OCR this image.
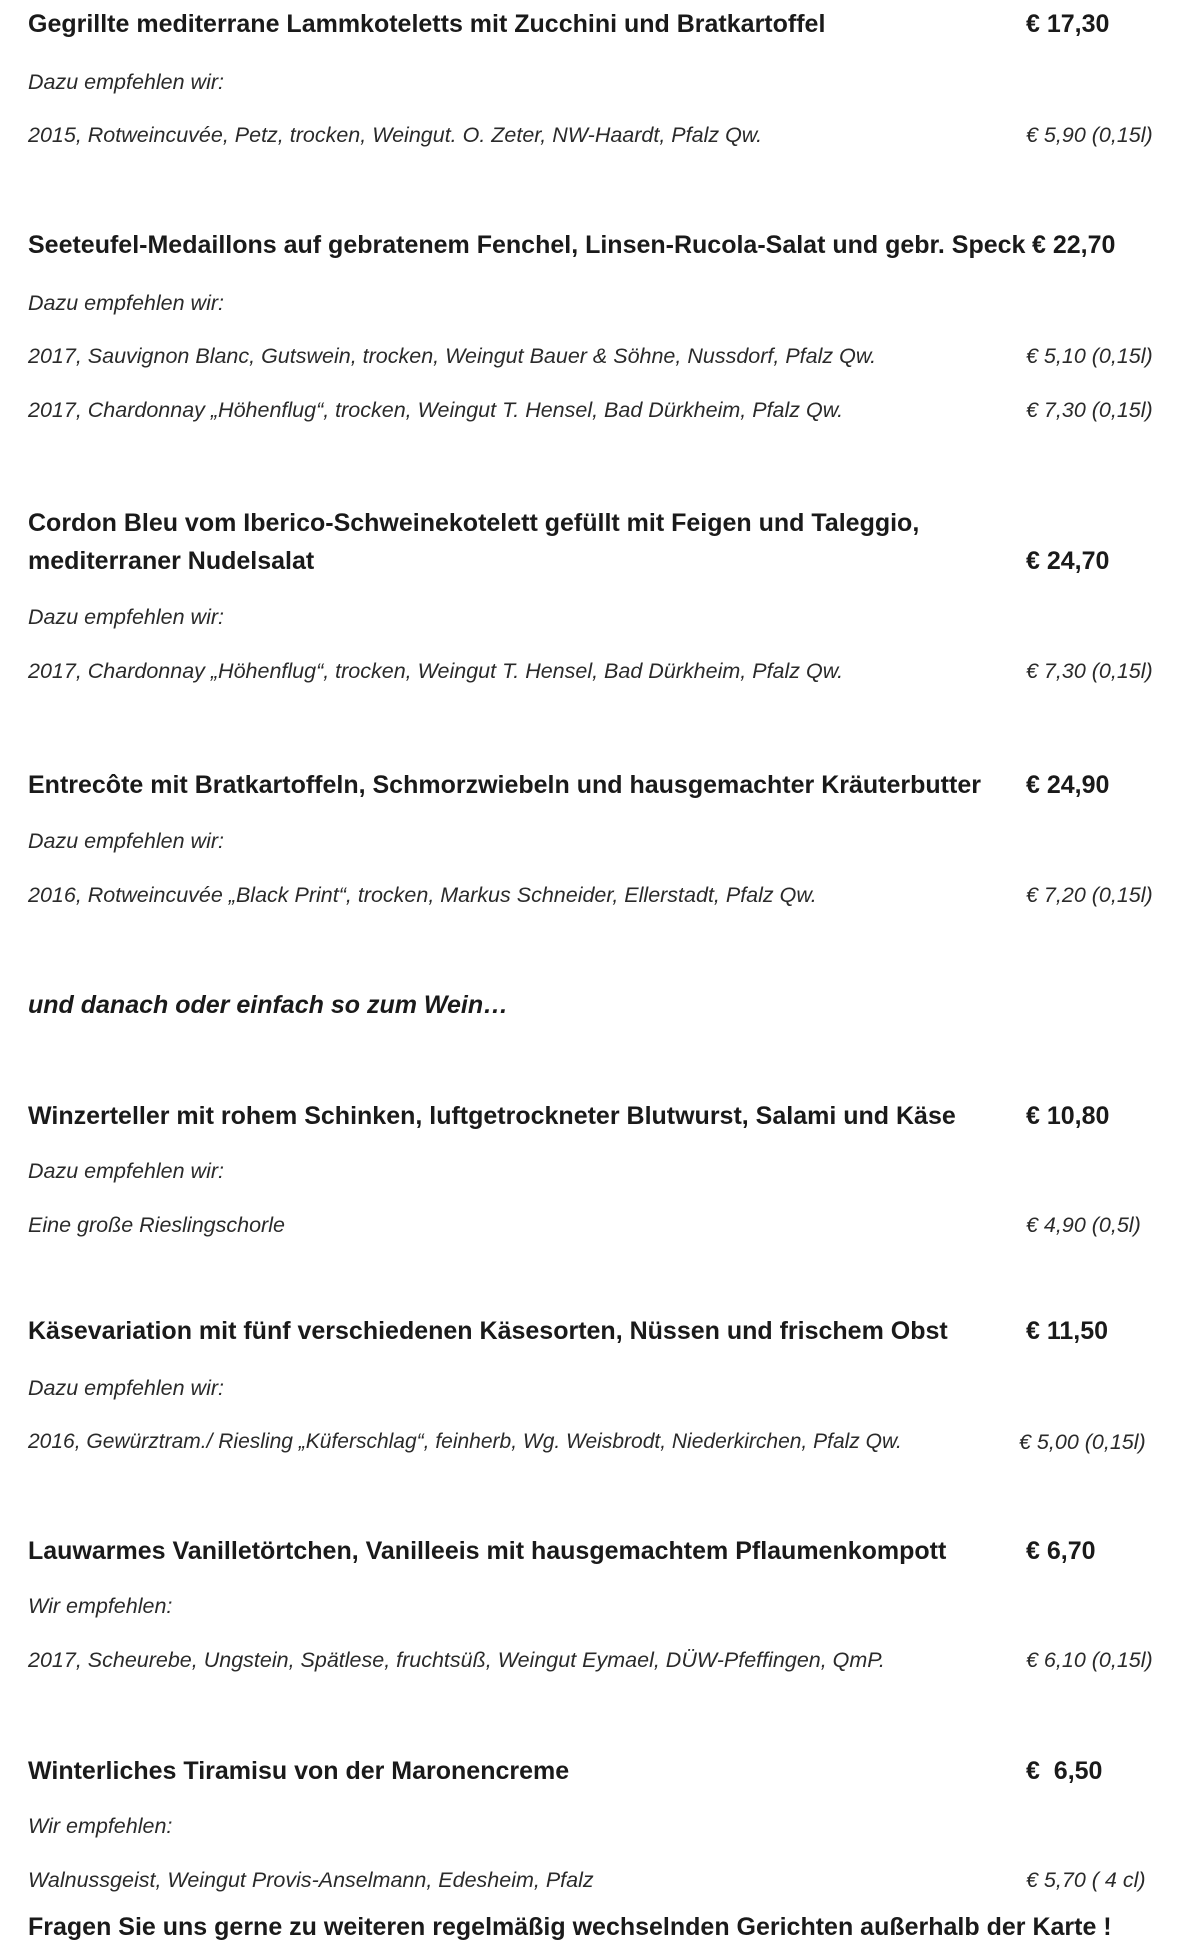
Gegrillte mediterrane Lammkoteletts mit Zucchini und Bratkartoffel	€ 17,30
Dazu empfehlen wir:
2015, Rotweincuvée, Petz, trocken, Weingut. O. Zeter, NW-Haardt, Pfalz Qw.	€ 5,90 (0,15l)
Seeteufel-Medaillons auf gebratenem Fenchel, Linsen-Rucola-Salat und gebr. Speck € 22,70
Dazu empfehlen wir:
2017, Sauvignon Blanc, Gutswein, trocken, Weingut Bauer & Söhne, Nussdorf, Pfalz Qw.	€ 5,10 (0,15l)
2017, Chardonnay „Höhenflug“, trocken, Weingut T. Hensel, Bad Dürkheim, Pfalz Qw.	€ 7,30 (0,15l)
Cordon Bleu vom Iberico-Schweinekotelett gefüllt mit Feigen und Taleggio,
mediterraner Nudelsalat	€ 24,70
Dazu empfehlen wir:
2017, Chardonnay „Höhenflug“, trocken, Weingut T. Hensel, Bad Dürkheim, Pfalz Qw.	€ 7,30 (0,15l)
Entrecôte mit Bratkartoffeln, Schmorzwiebeln und hausgemachter Kräuterbutter € 24,90
Dazu empfehlen wir:
2016, Rotweincuvée „Black Print“, trocken, Markus Schneider, Ellerstadt, Pfalz Qw.	€ 7,20 (0,15l)
und danach oder einfach so zum Wein…
Winzerteller mit rohem Schinken, luftgetrockneter Blutwurst, Salami und Käse	€ 10,80
Dazu empfehlen wir:
Eine große Rieslingschorle	€ 4,90 (0,5l)
Käsevariation mit fünf verschiedenen Käsesorten, Nüssen und frischem Obst	€ 11,50
Dazu empfehlen wir:
2016, Gewürztram./ Riesling „Küferschlag“, feinherb, Wg. Weisbrodt, Niederkirchen, Pfalz Qw.	€ 5,00 (0,15l)
Lauwarmes Vanilletörtchen, Vanilleeis mit hausgemachtem Pflaumenkompott	€ 6,70
Wir empfehlen:
2017, Scheurebe, Ungstein, Spätlese, fruchtsüß, Weingut Eymael, DÜW-Pfeffingen, QmP.	€ 6,10 (0,15l)
Winterliches Tiramisu von der Maronencreme	€  6,50
Wir empfehlen:
Walnussgeist, Weingut Provis-Anselmann, Edesheim, Pfalz	€ 5,70 ( 4 cl)
Fragen Sie uns gerne zu weiteren regelmäßig wechselnden Gerichten außerhalb der Karte !
